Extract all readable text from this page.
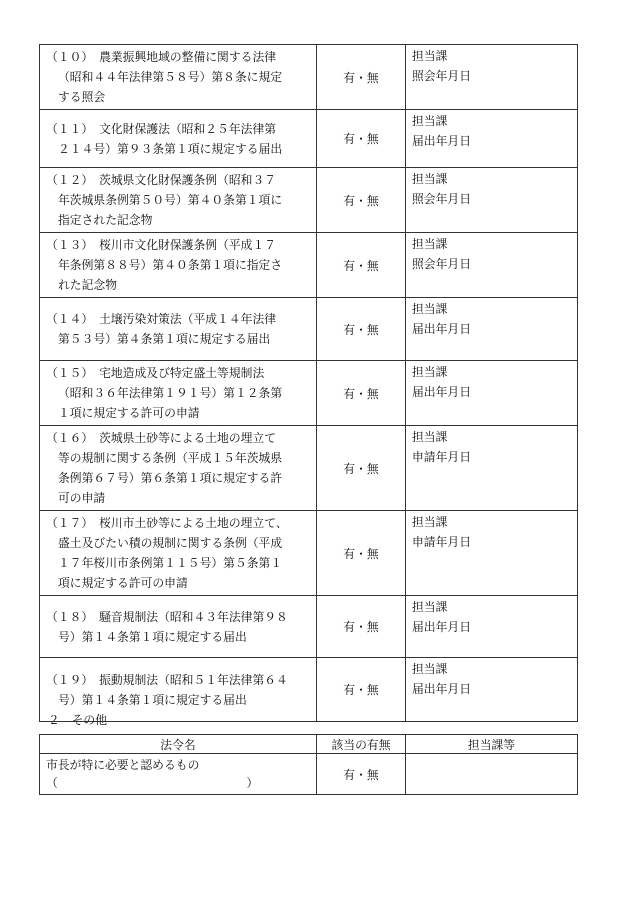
（１０）　農業振興地域の整備に関する法律
（昭和４４年法律第５８号）第８条に規定
する照会	有・無	担当課
照会年月日

（１１）　文化財保護法（昭和２５年法律第
２１４号）第９３条第１項に規定する届出	有・無	担当課
届出年月日

（１２）　茨城県文化財保護条例（昭和３７
年茨城県条例第５０号）第４０条第１項に
指定された記念物	有・無	担当課
照会年月日

（１３）　桜川市文化財保護条例（平成１７
年条例第８８号）第４０条第１項に指定さ
れた記念物	有・無	担当課
照会年月日

（１４）　土壌汚染対策法（平成１４年法律
第５３号）第４条第１項に規定する届出	有・無	担当課
届出年月日

（１５）　宅地造成及び特定盛土等規制法
（昭和３６年法律第１９１号）第１２条第
１項に規定する許可の申請	有・無	担当課
届出年月日

（１６）　茨城県土砂等による土地の埋立て
等の規制に関する条例（平成１５年茨城県
条例第６７号）第６条第１項に規定する許
可の申請	有・無	担当課
申請年月日

（１７）　桜川市土砂等による土地の埋立て、
盛土及びたい積の規制に関する条例（平成
１７年桜川市条例第１１５号）第５条第１
項に規定する許可の申請	有・無	担当課
申請年月日

（１８）　騒音規制法（昭和４３年法律第９８
号）第１４条第１項に規定する届出	有・無	担当課
届出年月日

（１９）　振動規制法（昭和５１年法律第６４
号）第１４条第１項に規定する届出	有・無	担当課
届出年月日
２　その他
法令名	該当の有無	担当課等

市長が特に必要と認めるもの
（　　　　　　　　　　　　　　　　）	有・無	
